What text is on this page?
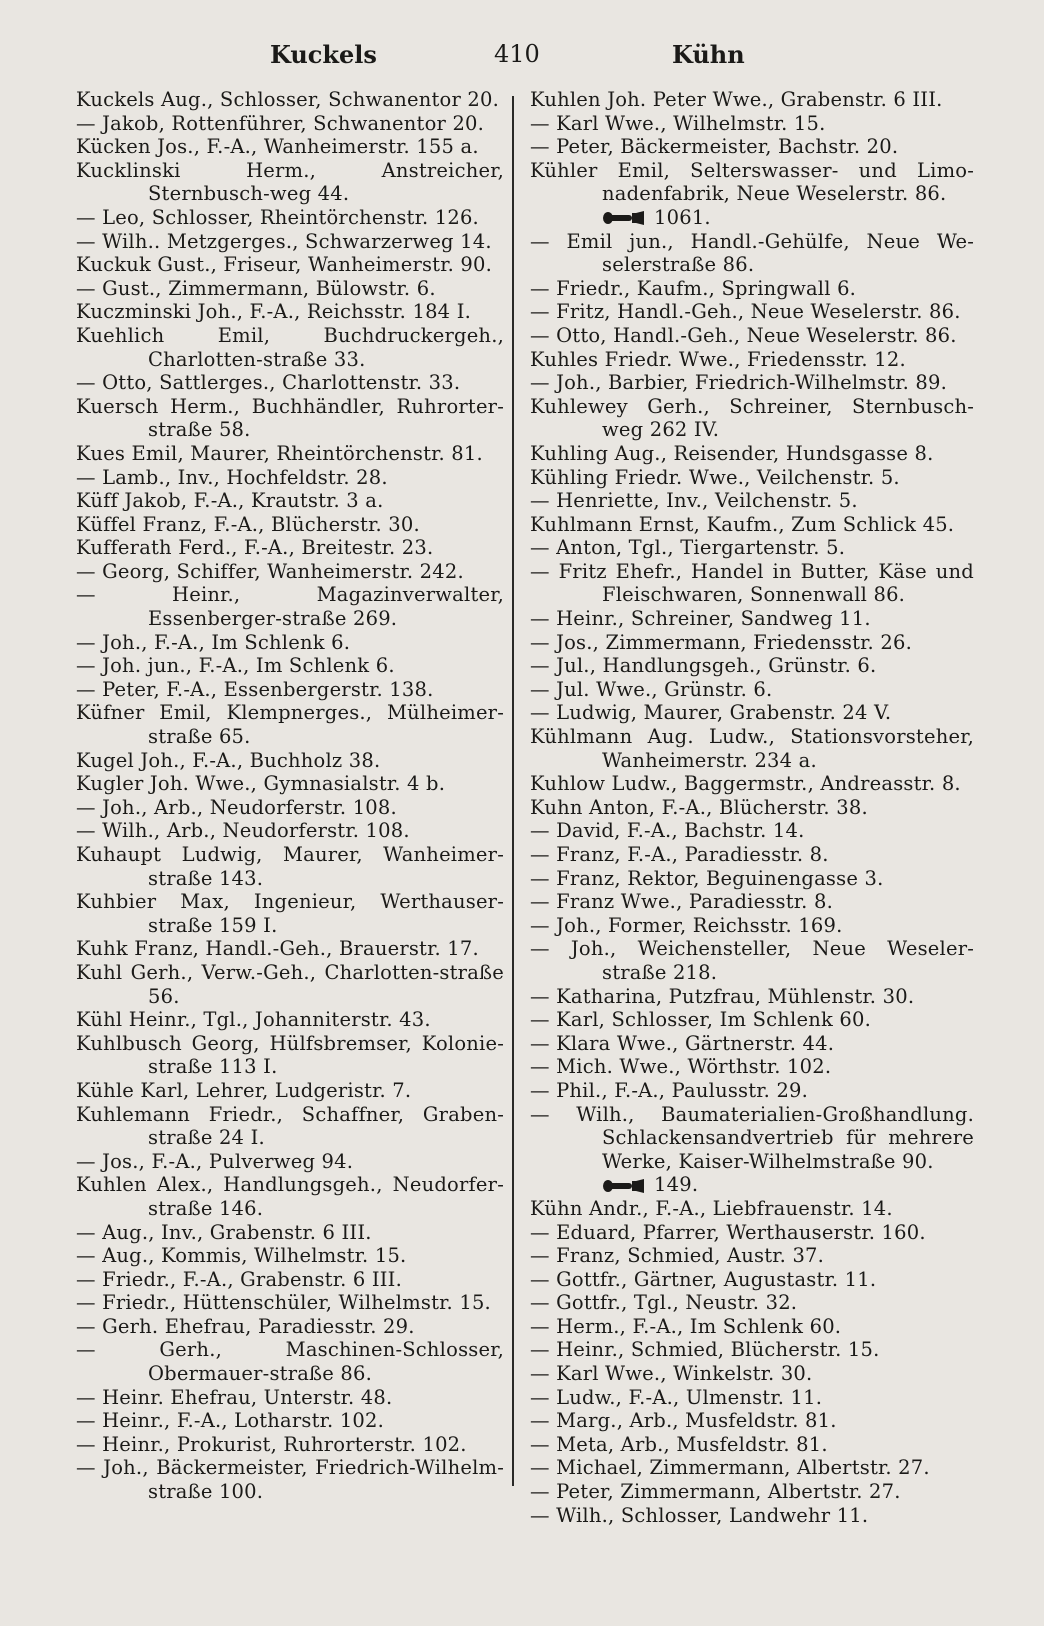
Kuckels	410	Kühn
Kuckels Aug., Schlosser, Schwanentor 20.
— Jakob, Rottenführer, Schwanentor 20.
Kücken Jos., F.-A., Wanheimerstr. 155 a.
Kucklinski Herm., Anstreicher, Sternbusch-weg 44.
— Leo, Schlosser, Rheintörchenstr. 126.
— Wilh.. Metzgerges., Schwarzerweg 14.
Kuckuk Gust., Friseur, Wanheimerstr. 90.
— Gust., Zimmermann, Bülowstr. 6.
Kuczminski Joh., F.-A., Reichsstr. 184 I.
Kuehlich Emil, Buchdruckergeh., Charlotten-straße 33.
— Otto, Sattlerges., Charlottenstr. 33.
Kuersch Herm., Buchhändler, Ruhrorter-straße 58.
Kues Emil, Maurer, Rheintörchenstr. 81.
— Lamb., Inv., Hochfeldstr. 28.
Küff Jakob, F.-A., Krautstr. 3 a.
Küffel Franz, F.-A., Blücherstr. 30.
Kufferath Ferd., F.-A., Breitestr. 23.
— Georg, Schiffer, Wanheimerstr. 242.
— Heinr., Magazinverwalter, Essenberger-straße 269.
— Joh., F.-A., Im Schlenk 6.
— Joh. jun., F.-A., Im Schlenk 6.
— Peter, F.-A., Essenbergerstr. 138.
Küfner Emil, Klempnerges., Mülheimer-straße 65.
Kugel Joh., F.-A., Buchholz 38.
Kugler Joh. Wwe., Gymnasialstr. 4 b.
— Joh., Arb., Neudorferstr. 108.
— Wilh., Arb., Neudorferstr. 108.
Kuhaupt Ludwig, Maurer, Wanheimer-straße 143.
Kuhbier Max, Ingenieur, Werthauser-straße 159 I.
Kuhk Franz, Handl.-Geh., Brauerstr. 17.
Kuhl Gerh., Verw.-Geh., Charlotten-straße 56.
Kühl Heinr., Tgl., Johanniterstr. 43.
Kuhlbusch Georg, Hülfsbremser, Kolonie-straße 113 I.
Kühle Karl, Lehrer, Ludgeristr. 7.
Kuhlemann Friedr., Schaffner, Graben-straße 24 I.
— Jos., F.-A., Pulverweg 94.
Kuhlen Alex., Handlungsgeh., Neudorfer-straße 146.
— Aug., Inv., Grabenstr. 6 III.
— Aug., Kommis, Wilhelmstr. 15.
— Friedr., F.-A., Grabenstr. 6 III.
— Friedr., Hüttenschüler, Wilhelmstr. 15.
— Gerh. Ehefrau, Paradiesstr. 29.
— Gerh., Maschinen-Schlosser, Obermauer-straße 86.
— Heinr. Ehefrau, Unterstr. 48.
— Heinr., F.-A., Lotharstr. 102.
— Heinr., Prokurist, Ruhrorterstr. 102.
— Joh., Bäckermeister, Friedrich-Wilhelm-straße 100.
Kuhlen Joh. Peter Wwe., Grabenstr. 6 III.
— Karl Wwe., Wilhelmstr. 15.
— Peter, Bäckermeister, Bachstr. 20.
Kühler Emil, Selterswasser- und Limo-nadenfabrik, Neue Weselerstr. 86.
1061.
— Emil jun., Handl.-Gehülfe, Neue We-selerstraße 86.
— Friedr., Kaufm., Springwall 6.
— Fritz, Handl.-Geh., Neue Weselerstr. 86.
— Otto, Handl.-Geh., Neue Weselerstr. 86.
Kuhles Friedr. Wwe., Friedensstr. 12.
— Joh., Barbier, Friedrich-Wilhelmstr. 89.
Kuhlewey Gerh., Schreiner, Sternbusch-weg 262 IV.
Kuhling Aug., Reisender, Hundsgasse 8.
Kühling Friedr. Wwe., Veilchenstr. 5.
— Henriette, Inv., Veilchenstr. 5.
Kuhlmann Ernst, Kaufm., Zum Schlick 45.
— Anton, Tgl., Tiergartenstr. 5.
— Fritz Ehefr., Handel in Butter, Käse und Fleischwaren, Sonnenwall 86.
— Heinr., Schreiner, Sandweg 11.
— Jos., Zimmermann, Friedensstr. 26.
— Jul., Handlungsgeh., Grünstr. 6.
— Jul. Wwe., Grünstr. 6.
— Ludwig, Maurer, Grabenstr. 24 V.
Kühlmann Aug. Ludw., Stationsvorsteher, Wanheimerstr. 234 a.
Kuhlow Ludw., Baggermstr., Andreasstr. 8.
Kuhn Anton, F.-A., Blücherstr. 38.
— David, F.-A., Bachstr. 14.
— Franz, F.-A., Paradiesstr. 8.
— Franz, Rektor, Beguinengasse 3.
— Franz Wwe., Paradiesstr. 8.
— Joh., Former, Reichsstr. 169.
— Joh., Weichensteller, Neue Weseler-straße 218.
— Katharina, Putzfrau, Mühlenstr. 30.
— Karl, Schlosser, Im Schlenk 60.
— Klara Wwe., Gärtnerstr. 44.
— Mich. Wwe., Wörthstr. 102.
— Phil., F.-A., Paulusstr. 29.
— Wilh., Baumaterialien-Großhandlung. Schlackensandvertrieb für mehrere Werke, Kaiser-Wilhelmstraße 90.
149.
Kühn Andr., F.-A., Liebfrauenstr. 14.
— Eduard, Pfarrer, Werthauserstr. 160.
— Franz, Schmied, Austr. 37.
— Gottfr., Gärtner, Augustastr. 11.
— Gottfr., Tgl., Neustr. 32.
— Herm., F.-A., Im Schlenk 60.
— Heinr., Schmied, Blücherstr. 15.
— Karl Wwe., Winkelstr. 30.
— Ludw., F.-A., Ulmenstr. 11.
— Marg., Arb., Musfeldstr. 81.
— Meta, Arb., Musfeldstr. 81.
— Michael, Zimmermann, Albertstr. 27.
— Peter, Zimmermann, Albertstr. 27.
— Wilh., Schlosser, Landwehr 11.
